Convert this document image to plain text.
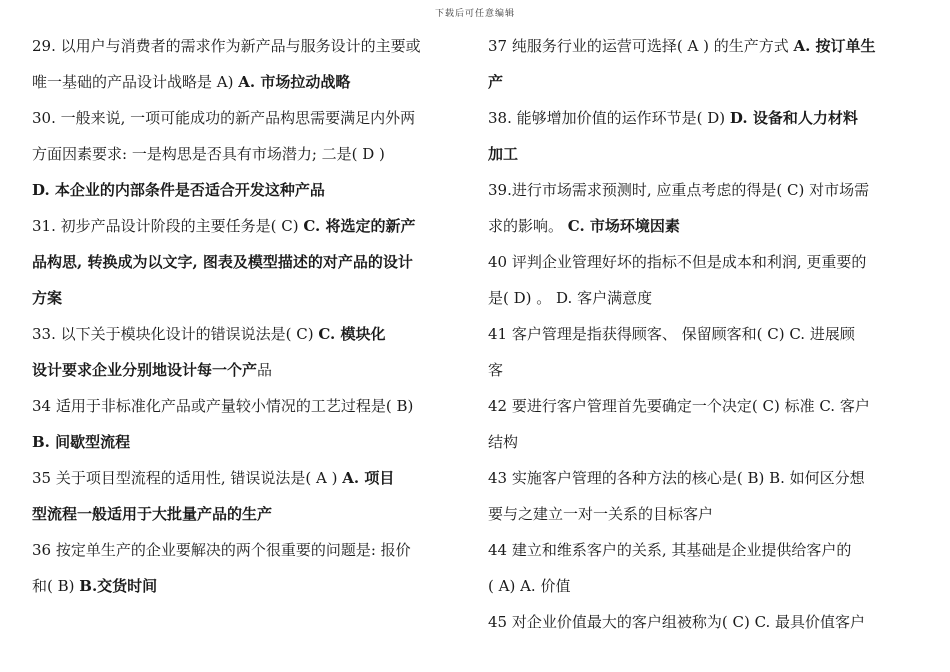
下载后可任意编辑
29. 以用户与消费者的需求作为新产品与服务设计的主要或
唯一基础的产品设计战略是 A) A. 市场拉动战略
30. 一般来说, 一项可能成功的新产品构思需要满足内外两
方面因素要求: 一是构思是否具有市场潜力; 二是( D )
D. 本企业的内部条件是否适合开发这种产品
31. 初步产品设计阶段的主要任务是( C) C. 将选定的新产
品构思, 转换成为以文字, 图表及模型描述的对产品的设计
方案
33. 以下关于模块化设计的错误说法是( C) C. 模块化
设计要求企业分别地设计每一个产品
34 适用于非标准化产品或产量较小情况的工艺过程是( B)
B. 间歇型流程
35 关于项目型流程的适用性, 错误说法是( A ) A. 项目
型流程一般适用于大批量产品的生产
36 按定单生产的企业要解决的两个很重要的问题是: 报价
和( B) B.交货时间
37 纯服务行业的运营可选择( A ) 的生产方式 A. 按订单生
产
38. 能够增加价值的运作环节是( D) D. 设备和人力材料
加工
39.进行市场需求预测时, 应重点考虑的得是( C) 对市场需
求的影响。 C. 市场环境因素
40 评判企业管理好坏的指标不但是成本和利润, 更重要的
是( D) 。 D. 客户满意度
41 客户管理是指获得顾客、 保留顾客和( C) C. 进展顾
客
42 要进行客户管理首先要确定一个决定( C) 标准 C. 客户
结构
43 实施客户管理的各种方法的核心是( B) B. 如何区分想
要与之建立一对一关系的目标客户
44 建立和维系客户的关系, 其基础是企业提供给客户的
( A) A. 价值
45 对企业价值最大的客户组被称为( C) C. 最具价值客户
